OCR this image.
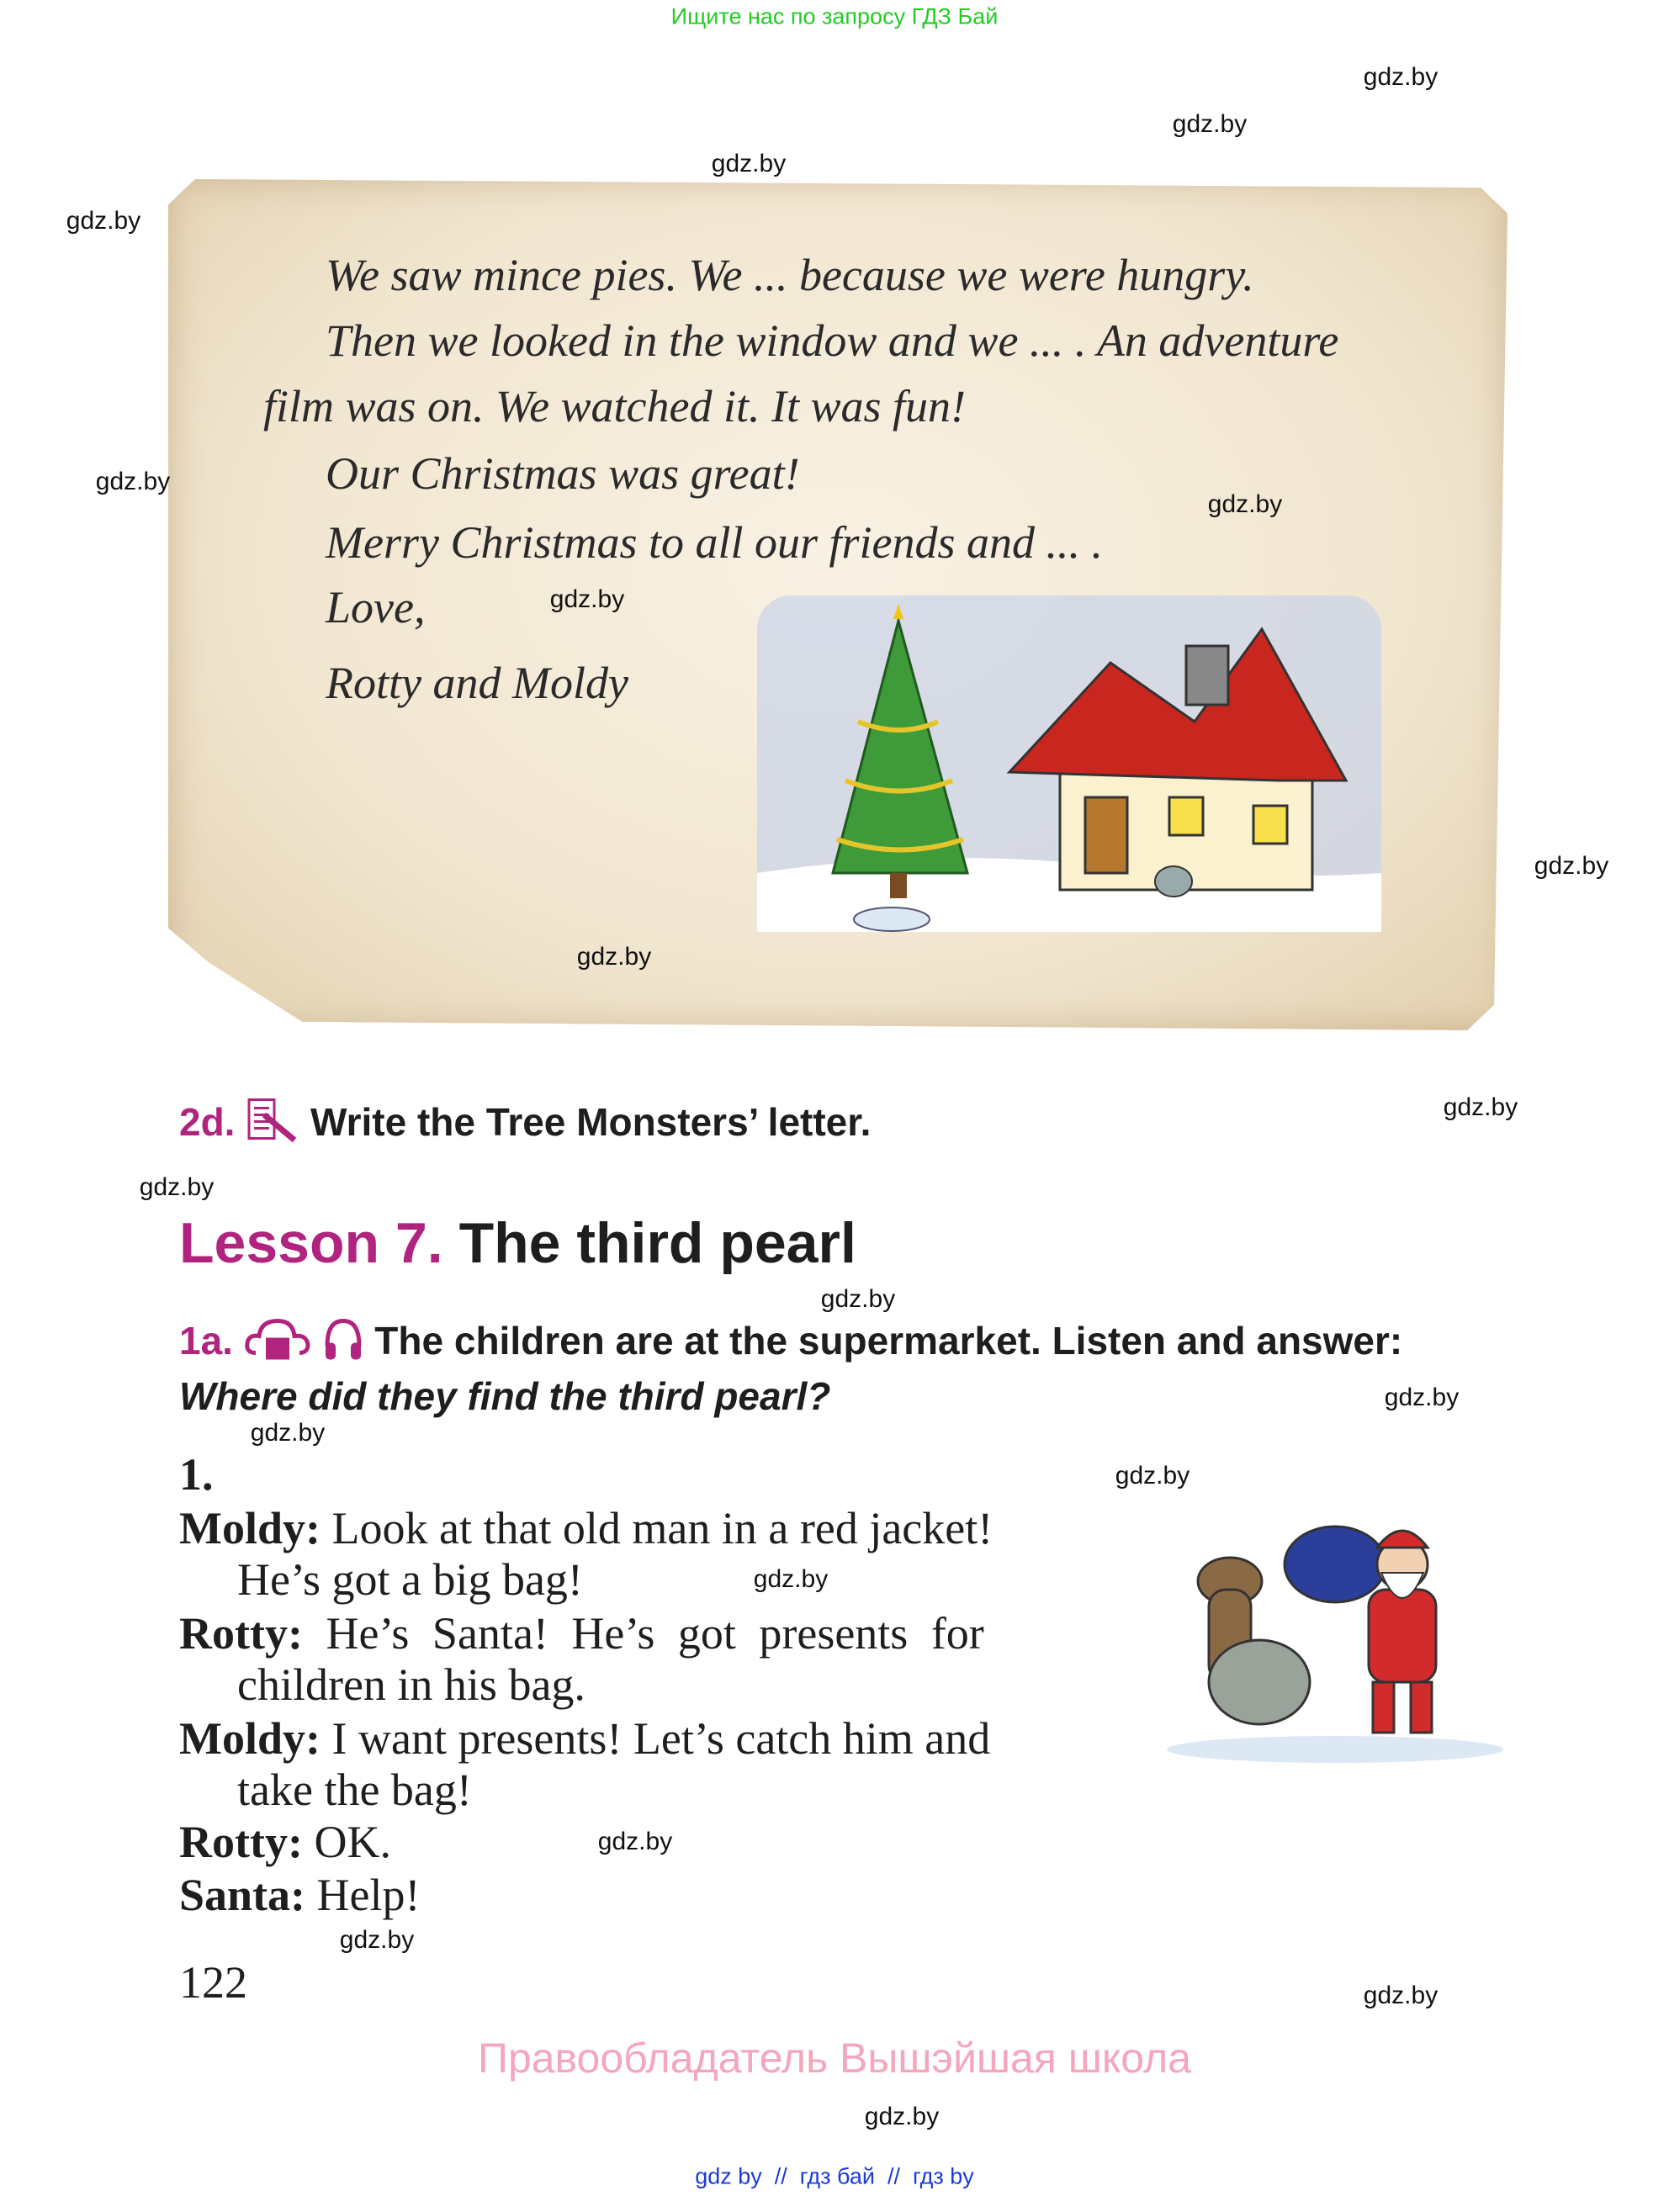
Ищите нас по запросу ГДЗ Бай
We saw mince pies. We ... because we were hungry.
Then we looked in the window and we ... . An adventure
film was on. We watched it. It was fun!
Our Christmas was great!
Merry Christmas to all our friends and ... .
Love,
Rotty and Moldy
2d. Write the Tree Monsters’ letter.
Lesson 7. The third pearl
1a.	The children are at the supermarket. Listen and answer:
Where did they find the third pearl?
1.
Moldy: Look at that old man in a red jacket!
He’s got a big bag!
Rotty: He’s Santa! He’s got presents for
children in his bag.
Moldy: I want presents! Let’s catch him and
take the bag!
Rotty: OK.
Santa: Help!
122
Правообладатель Вышэйшая школа
gdz by  //  гдз бай  //  гдз by
gdz.by
gdz.by
gdz.by
gdz.by
gdz.by
gdz.by
gdz.by
gdz.by
gdz.by
gdz.by
gdz.by
gdz.by
gdz.by
gdz.by
gdz.by
gdz.by
gdz.by
gdz.by
gdz.by
gdz.by
